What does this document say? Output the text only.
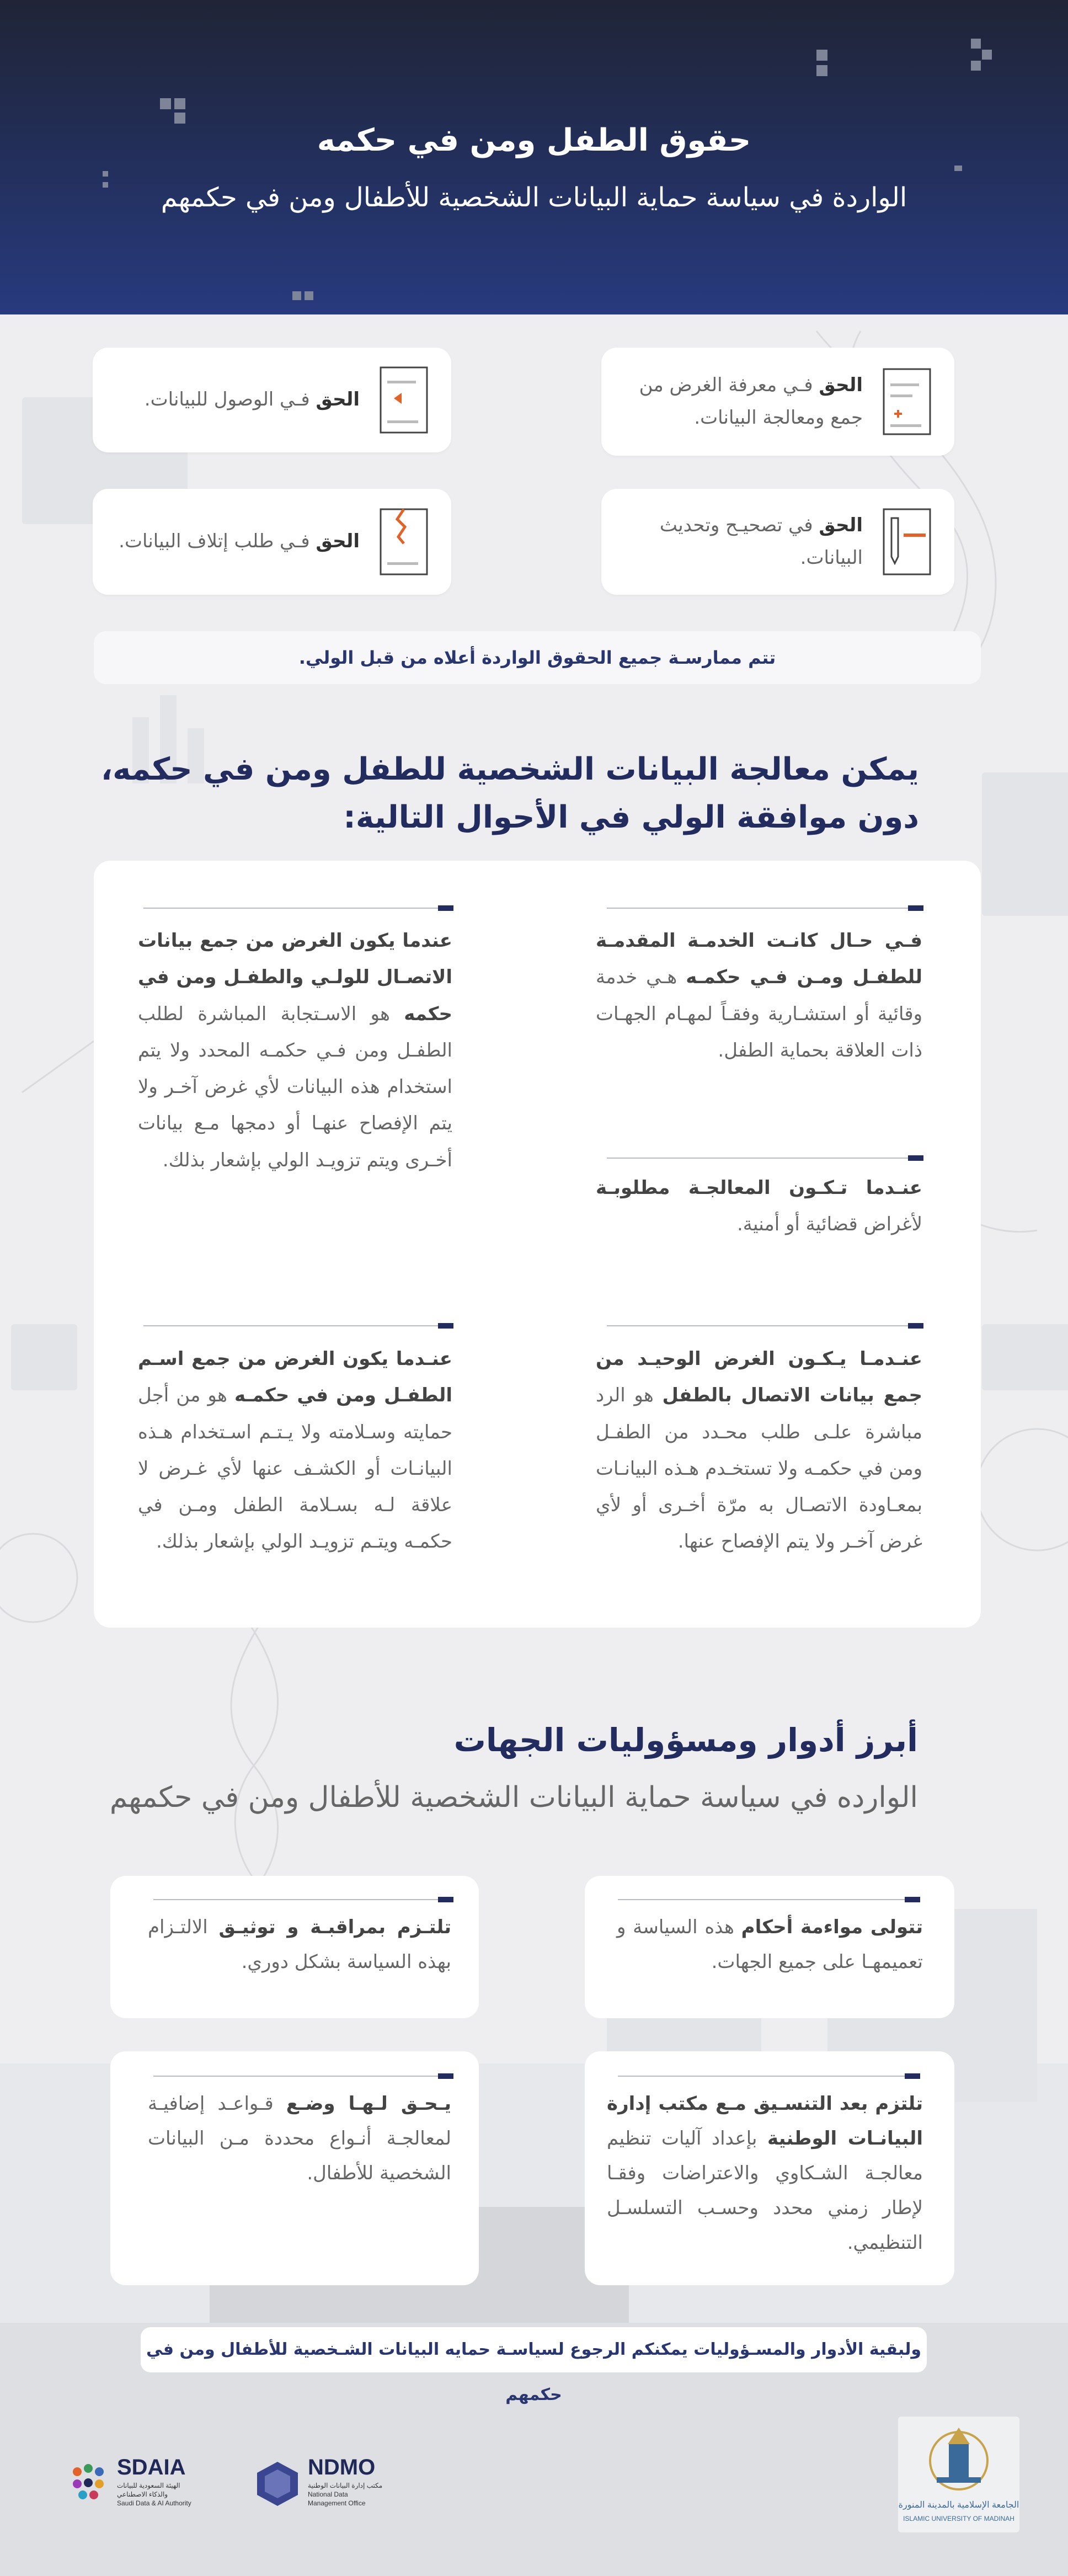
حقوق الطفل ومن في حكمه
الواردة في سياسة حماية البيانات الشخصية للأطفال ومن في حكمهم
الحق فـي معرفة الغرض من جمع ومعالجة البيانات.
الحق فـي الوصول للبيانات.
الحق في تصحيـح وتحديث البيانات.
الحق فـي طلب إتلاف البيانات.
تتم ممارسـة جميع الحقوق الواردة أعلاه من قبل الولي.
يمكن معالجة البيانات الشخصية للطفل ومن في حكمه،
دون موافقة الولي في الأحوال التالية:
فـي حـال كانـت الخدمـة المقدمـة للطفـل ومـن فـي حكمـه هـي خدمة وقائية أو استشـارية وفقـاً لمهـام الجهـات ذات العلاقة بحماية الطفل.
عنـدما تـكـون المعالجـة مطلوبـة لأغراض قضائية أو أمنية.
عنـدمـا يـكـون الغرض الوحيـد من جمع بيانات الاتصال بالطفل هو الرد مباشرة علـى طلب محـدد من الطفـل ومن في حكمـه ولا تستخـدم هـذه البيانـات بمعـاودة الاتصـال به مرّة أخـرى أو لأي غرض آخـر ولا يتم الإفصاح عنها.
عندما يكون الغرض من جمع بيانات الاتصـال للولـي والطفـل ومن في حكمه هو الاسـتجابة المباشرة لطلب الطفـل ومن فـي حكمـه المحدد ولا يتم استخدام هذه البيانات لأي غرض آخـر ولا يتم الإفصاح عنهـا أو دمجها مـع بيانات أخـرى ويتم تزويـد الولي بإشعار بذلك.
عنـدما يكون الغرض من جمع اسـم الطفـل ومن في حكمـه هو من أجل حمايته وسـلامته ولا يـتـم اسـتخدام هـذه البيانـات أو الكشـف عنها لأي غـرض لا علاقة لـه بسـلامة الطفل ومـن في حكمـه ويتـم تزويـد الولي بإشعار بذلك.
أبرز أدوار ومسؤوليات الجهات
الوارده في سياسة حماية البيانات الشخصية للأطفال ومن في حكمهم
تتولى مواءمة أحكام هذه السياسة و تعميمهـا على جميع الجهات.
تلتـزم بمراقبـة و توثيـق الالتـزام بهذه السياسة بشكل دوري.
تلتزم بعد التنسـيق مـع مكتب إدارة البيانـات الوطنية بإعداد آليات تنظيم معالجـة الشـكاوي والاعتراضات وفقـا لإطار زمني محدد وحسـب التسلسـل التنظيمي.
يـحـق لـهـا وضـع قـواعـد إضافيـة لمعالجـة أنـواع محددة مـن البيانات الشخصية للأطفال.
ولبقية الأدوار والمسـؤوليات يمكنكم الرجوع لسياسـة حمايه البيانات الشـخصية للأطفال ومن في حكمهم
الجامعة الإسلامية بالمدينة المنورة
ISLAMIC UNIVERSITY OF MADINAH
NDMO
مكتب إدارة البيانات الوطنية
National Data
Management Office
SDAIA
الهيئة السعودية للبيانات
والذكاء الاصطناعي
Saudi Data & AI Authority
